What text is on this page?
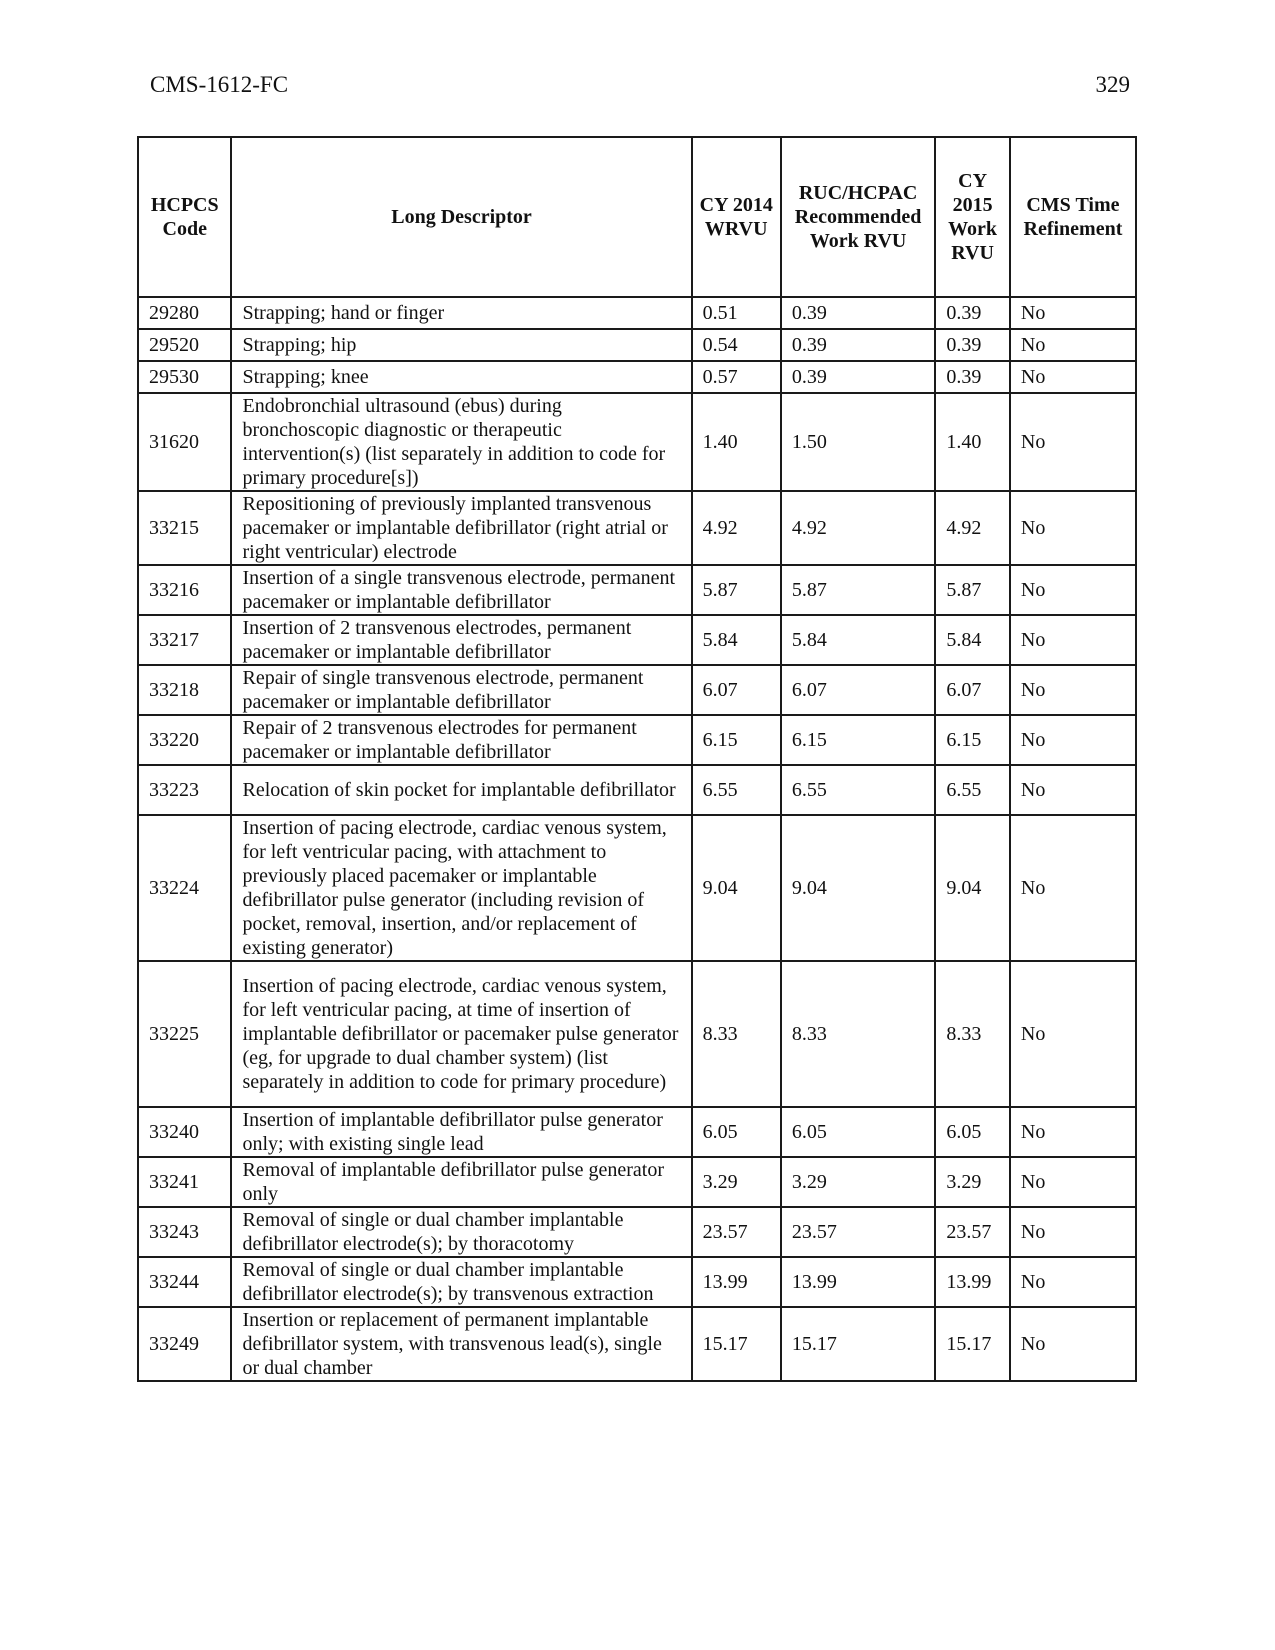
CMS-1612-FC	329
HCPCS Code	Long Descriptor	CY 2014 WRVU	RUC/HCPAC Recommended Work RVU	CY 2015 Work RVU	CMS Time Refinement
29280	Strapping; hand or finger	0.51	0.39	0.39	No
29520	Strapping; hip	0.54	0.39	0.39	No
29530	Strapping; knee	0.57	0.39	0.39	No
31620	Endobronchial ultrasound (ebus) during bronchoscopic diagnostic or therapeutic intervention(s) (list separately in addition to code for primary procedure[s])	1.40	1.50	1.40	No
33215	Repositioning of previously implanted transvenous pacemaker or implantable defibrillator (right atrial or right ventricular) electrode	4.92	4.92	4.92	No
33216	Insertion of a single transvenous electrode, permanent pacemaker or implantable defibrillator	5.87	5.87	5.87	No
33217	Insertion of 2 transvenous electrodes, permanent pacemaker or implantable defibrillator	5.84	5.84	5.84	No
33218	Repair of single transvenous electrode, permanent pacemaker or implantable defibrillator	6.07	6.07	6.07	No
33220	Repair of 2 transvenous electrodes for permanent pacemaker or implantable defibrillator	6.15	6.15	6.15	No
33223	Relocation of skin pocket for implantable defibrillator	6.55	6.55	6.55	No
33224	Insertion of pacing electrode, cardiac venous system, for left ventricular pacing, with attachment to previously placed pacemaker or implantable defibrillator pulse generator (including revision of pocket, removal, insertion, and/or replacement of existing generator)	9.04	9.04	9.04	No
33225	Insertion of pacing electrode, cardiac venous system, for left ventricular pacing, at time of insertion of implantable defibrillator or pacemaker pulse generator (eg, for upgrade to dual chamber system) (list separately in addition to code for primary procedure)	8.33	8.33	8.33	No
33240	Insertion of implantable defibrillator pulse generator only; with existing single lead	6.05	6.05	6.05	No
33241	Removal of implantable defibrillator pulse generator only	3.29	3.29	3.29	No
33243	Removal of single or dual chamber implantable defibrillator electrode(s); by thoracotomy	23.57	23.57	23.57	No
33244	Removal of single or dual chamber implantable defibrillator electrode(s); by transvenous extraction	13.99	13.99	13.99	No
33249	Insertion or replacement of permanent implantable defibrillator system, with transvenous lead(s), single or dual chamber	15.17	15.17	15.17	No
